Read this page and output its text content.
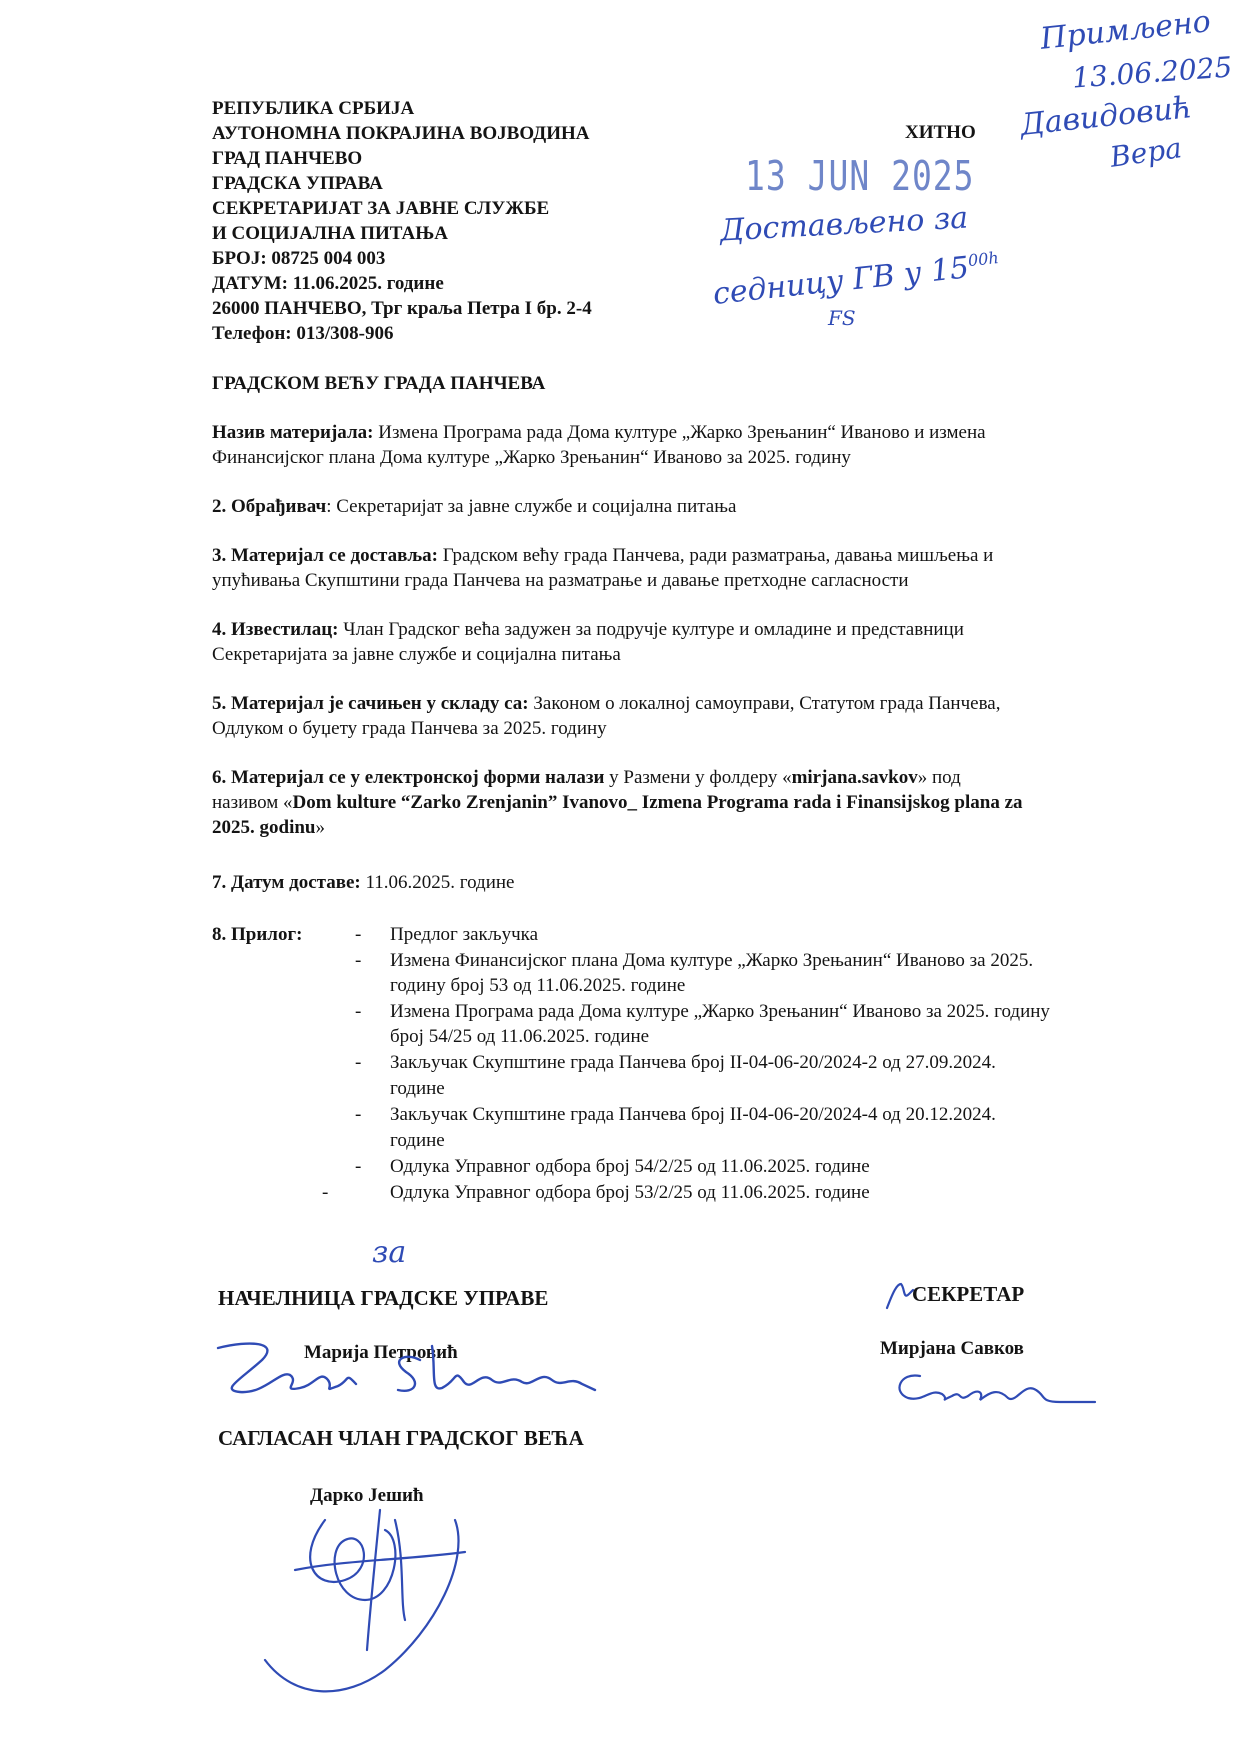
Примљено
13.06.2025
Давидовић
Вера
РЕПУБЛИКА СРБИЈА
АУТОНОМНА ПОКРАЈИНА ВОЈВОДИНА
ГРАД ПАНЧЕВО
ГРАДСКА УПРАВА
СЕКРЕТАРИЈАТ ЗА ЈАВНЕ СЛУЖБЕ
И СОЦИЈАЛНА ПИТАЊА
БРОЈ: 08725 004 003
ДАТУМ: 11.06.2025. године
26000 ПАНЧЕВО, Трг краља Петра I бр. 2-4
Телефон: 013/308-906
ХИТНО
13 JUN 2025
Достављено за
седницу ГВ у $15^{00h}$
FS
ГРАДСКОМ ВЕЋУ ГРАДА ПАНЧЕВА
Назив материјала: Измена Програма рада Дома културе „Жарко Зрењанин“ Иваново и измена
Финансијског плана Дома културе „Жарко Зрењанин“ Иваново за 2025. годину
2. Обрађивач: Секретаријат за јавне службе и социјална питања
3. Материјал се доставља: Градском већу града Панчева, ради разматрања, давања мишљења и
упућивања Скупштини града Панчева на разматрање и давање претходне сагласности
4. Известилац: Члан Градског већа задужен за подручје културе и омладине и представници
Секретаријата за јавне службе и социјална питања
5. Материјал је сачињен у складу са: Законом о локалној самоуправи, Статутом града Панчева,
Одлуком о буџету града Панчева за 2025. годину
6. Материјал се у електронској форми налази у Размени у фолдеру «mirjana.savkov» под
називом «Dom kulture “Zarko Zrenjanin” Ivanovo_ Izmena Programa rada i Finansijskog plana za
2025. godinu»
7. Датум доставе: 11.06.2025. године
8. Прилог:	- Предлог закључка
- Измена Финансијског плана Дома културе „Жарко Зрењанин“ Иваново за 2025.
годину број 53 од 11.06.2025. године
- Измена Програма рада Дома културе „Жарко Зрењанин“ Иваново за 2025. годину
број 54/25 од 11.06.2025. године
- Закључак Скупштине града Панчева број II-04-06-20/2024-2 од 27.09.2024.
године
- Закључак Скупштине града Панчева број II-04-06-20/2024-4 од 20.12.2024.
године
- Одлука Управног одбора број 54/2/25 од 11.06.2025. године
-	Одлука Управног одбора број 53/2/25 од 11.06.2025. године
за
НАЧЕЛНИЦА ГРАДСКЕ УПРАВЕ
Марија Петровић
СЕКРЕТАР
Мирјана Савков
САГЛАСАН ЧЛАН ГРАДСКОГ ВЕЋА
Дарко Јешић
